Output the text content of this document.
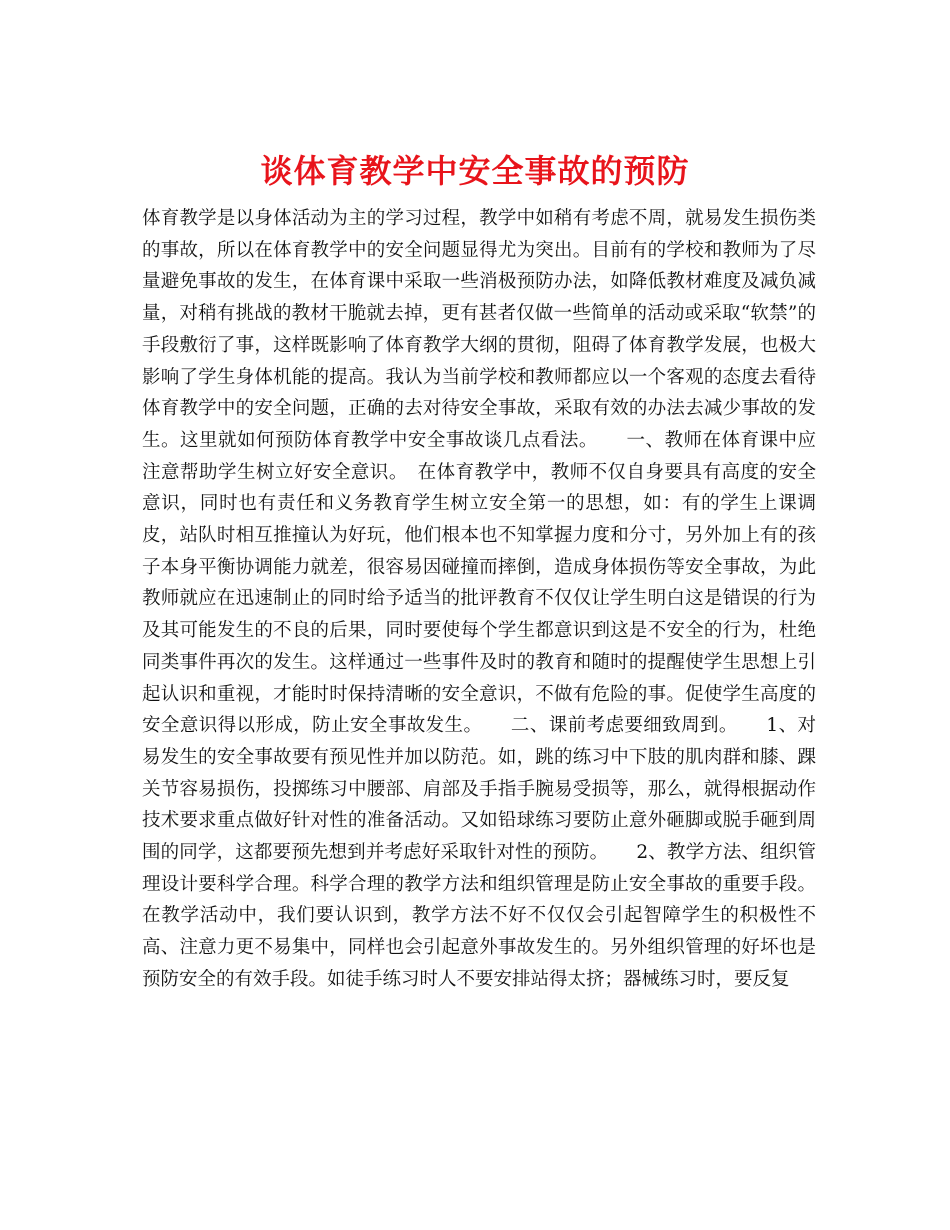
谈体育教学中安全事故的预防

体育教学是以身体活动为主的学习过程，教学中如稍有考虑不周，就易发生损伤类的事故，所以在体育教学中的安全问题显得尤为突出。目前有的学校和教师为了尽量避免事故的发生，在体育课中采取一些消极预防办法，如降低教材难度及减负减量，对稍有挑战的教材干脆就去掉，更有甚者仅做一些简单的活动或采取“软禁”的手段敷衍了事，这样既影响了体育教学大纲的贯彻，阻碍了体育教学发展，也极大影响了学生身体机能的提高。我认为当前学校和教师都应以一个客观的态度去看待体育教学中的安全问题，正确的去对待安全事故，采取有效的办法去减少事故的发生。这里就如何预防体育教学中安全事故谈几点看法。　　一、教师在体育课中应注意帮助学生树立好安全意识。　在体育教学中，教师不仅自身要具有高度的安全意识，同时也有责任和义务教育学生树立安全第一的思想，如：有的学生上课调皮，站队时相互推撞认为好玩，他们根本也不知掌握力度和分寸，另外加上有的孩子本身平衡协调能力就差，很容易因碰撞而摔倒，造成身体损伤等安全事故，为此教师就应在迅速制止的同时给予适当的批评教育不仅仅让学生明白这是错误的行为及其可能发生的不良的后果，同时要使每个学生都意识到这是不安全的行为，杜绝同类事件再次的发生。这样通过一些事件及时的教育和随时的提醒使学生思想上引起认识和重视，才能时时保持清晰的安全意识，不做有危险的事。促使学生高度的安全意识得以形成，防止安全事故发生。　　二、课前考虑要细致周到。　　1、对易发生的安全事故要有预见性并加以防范。如，跳的练习中下肢的肌肉群和膝、踝关节容易损伤，投掷练习中腰部、肩部及手指手腕易受损等，那么，就得根据动作技术要求重点做好针对性的准备活动。又如铅球练习要防止意外砸脚或脱手砸到周围的同学，这都要预先想到并考虑好采取针对性的预防。　　2、教学方法、组织管理设计要科学合理。科学合理的教学方法和组织管理是防止安全事故的重要手段。在教学活动中，我们要认识到，教学方法不好不仅仅会引起智障学生的积极性不高、注意力更不易集中，同样也会引起意外事故发生的。另外组织管理的好坏也是预防安全的有效手段。如徒手练习时人不要安排站得太挤；器械练习时，要反复
